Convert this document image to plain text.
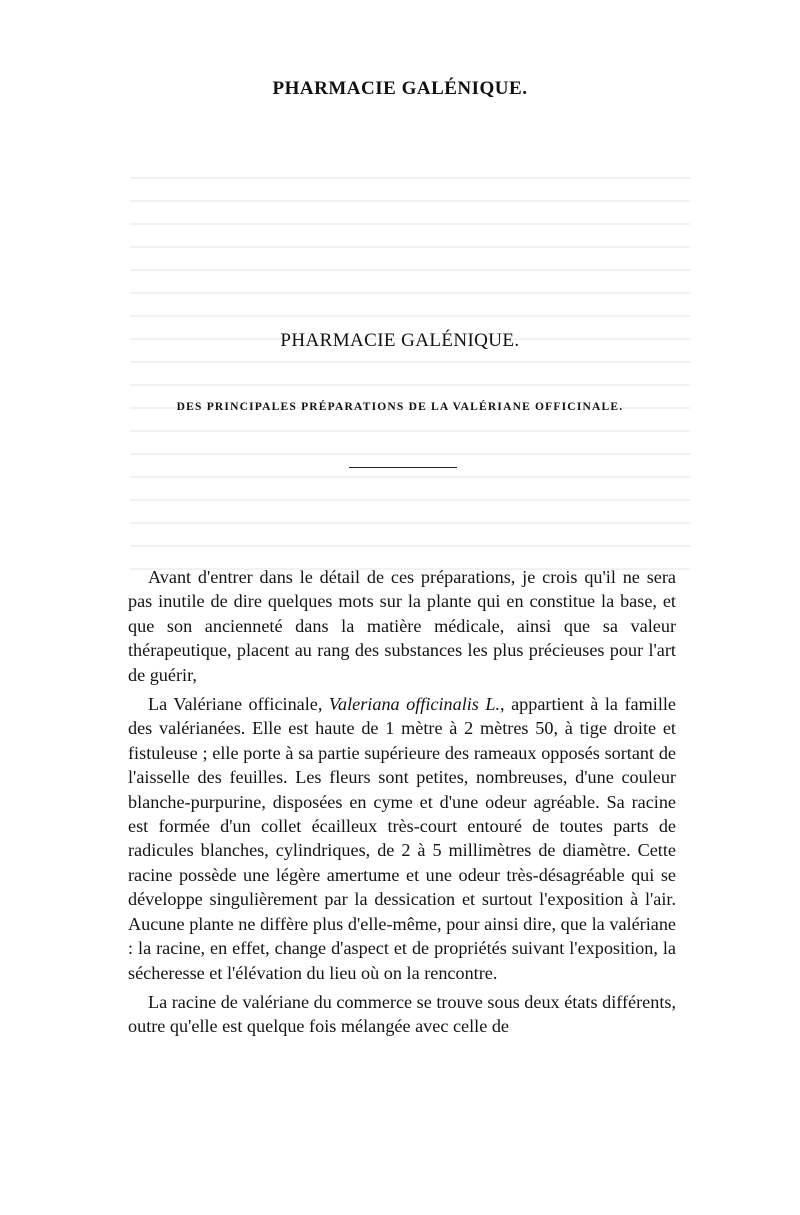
PHARMACIE GALÉNIQUE.
PHARMACIE GALÉNIQUE.
DES PRINCIPALES PRÉPARATIONS DE LA VALÉRIANE OFFICINALE.

Avant d'entrer dans le détail de ces préparations, je crois qu'il ne sera pas inutile de dire quelques mots sur la plante qui en constitue la base, et que son ancienneté dans la matière médicale, ainsi que sa valeur thérapeutique, placent au rang des substances les plus précieuses pour l'art de guérir,

La Valériane officinale, Valeriana officinalis L., appartient à la famille des valérianées. Elle est haute de 1 mètre à 2 mètres 50, à tige droite et fistuleuse ; elle porte à sa partie supérieure des rameaux opposés sortant de l'aisselle des feuilles. Les fleurs sont petites, nombreuses, d'une couleur blanche-purpurine, disposées en cyme et d'une odeur agréable. Sa racine est formée d'un collet écailleux très-court entouré de toutes parts de radicules blanches, cylindriques, de 2 à 5 millimètres de diamètre. Cette racine possède une légère amertume et une odeur très-désagréable qui se développe singulièrement par la dessication et surtout l'exposition à l'air. Aucune plante ne diffère plus d'elle-même, pour ainsi dire, que la valériane : la racine, en effet, change d'aspect et de propriétés suivant l'exposition, la sécheresse et l'élévation du lieu où on la rencontre.

La racine de valériane du commerce se trouve sous deux états différents, outre qu'elle est quelque fois mélangée avec celle de
